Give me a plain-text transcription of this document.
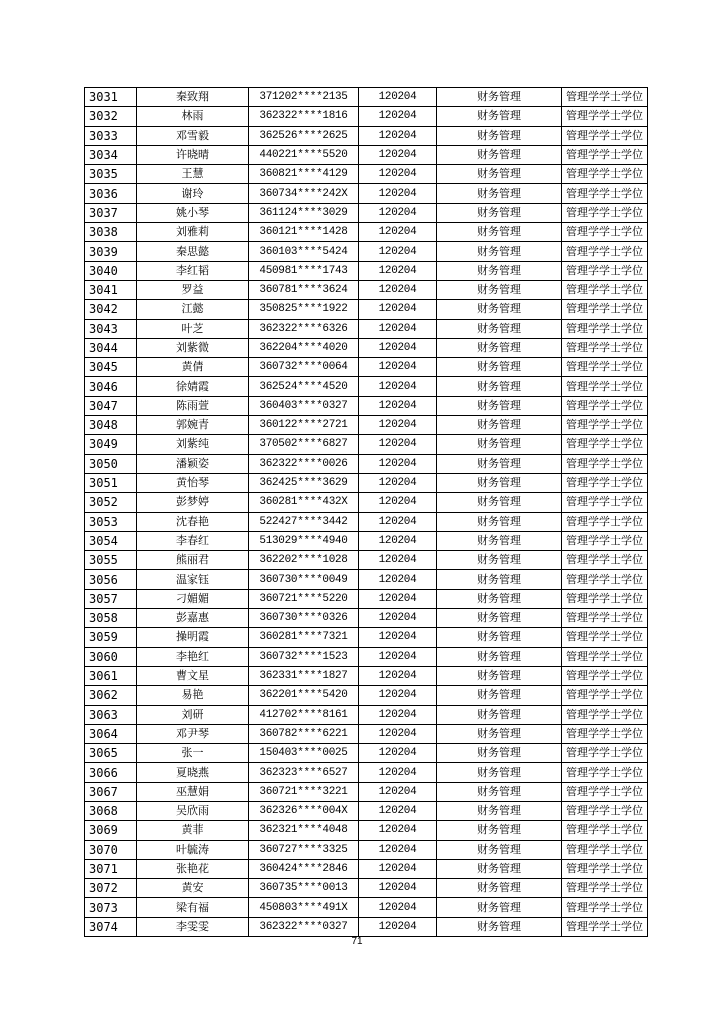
3031	秦致翔	371202****2135	120204	财务管理	管理学学士学位
3032	林雨	362322****1816	120204	财务管理	管理学学士学位
3033	邓雪毅	362526****2625	120204	财务管理	管理学学士学位
3034	许晓晴	440221****5520	120204	财务管理	管理学学士学位
3035	王慧	360821****4129	120204	财务管理	管理学学士学位
3036	谢玲	360734****242X	120204	财务管理	管理学学士学位
3037	姚小琴	361124****3029	120204	财务管理	管理学学士学位
3038	刘雅莉	360121****1428	120204	财务管理	管理学学士学位
3039	秦思懿	360103****5424	120204	财务管理	管理学学士学位
3040	李红韬	450981****1743	120204	财务管理	管理学学士学位
3041	罗益	360781****3624	120204	财务管理	管理学学士学位
3042	江懿	350825****1922	120204	财务管理	管理学学士学位
3043	叶芝	362322****6326	120204	财务管理	管理学学士学位
3044	刘紫微	362204****4020	120204	财务管理	管理学学士学位
3045	黄倩	360732****0064	120204	财务管理	管理学学士学位
3046	徐婧霞	362524****4520	120204	财务管理	管理学学士学位
3047	陈雨萱	360403****0327	120204	财务管理	管理学学士学位
3048	郭婉青	360122****2721	120204	财务管理	管理学学士学位
3049	刘紫纯	370502****6827	120204	财务管理	管理学学士学位
3050	潘颖姿	362322****0026	120204	财务管理	管理学学士学位
3051	黄怡琴	362425****3629	120204	财务管理	管理学学士学位
3052	彭梦婷	360281****432X	120204	财务管理	管理学学士学位
3053	沈春艳	522427****3442	120204	财务管理	管理学学士学位
3054	李春红	513029****4940	120204	财务管理	管理学学士学位
3055	熊丽君	362202****1028	120204	财务管理	管理学学士学位
3056	温家钰	360730****0049	120204	财务管理	管理学学士学位
3057	刁媚媚	360721****5220	120204	财务管理	管理学学士学位
3058	彭嘉惠	360730****0326	120204	财务管理	管理学学士学位
3059	操明霞	360281****7321	120204	财务管理	管理学学士学位
3060	李艳红	360732****1523	120204	财务管理	管理学学士学位
3061	曹文星	362331****1827	120204	财务管理	管理学学士学位
3062	易艳	362201****5420	120204	财务管理	管理学学士学位
3063	刘研	412702****8161	120204	财务管理	管理学学士学位
3064	邓尹琴	360782****6221	120204	财务管理	管理学学士学位
3065	张一	150403****0025	120204	财务管理	管理学学士学位
3066	夏晓燕	362323****6527	120204	财务管理	管理学学士学位
3067	巫慧娟	360721****3221	120204	财务管理	管理学学士学位
3068	吴欣雨	362326****004X	120204	财务管理	管理学学士学位
3069	黄菲	362321****4048	120204	财务管理	管理学学士学位
3070	叶毓涛	360727****3325	120204	财务管理	管理学学士学位
3071	张艳花	360424****2846	120204	财务管理	管理学学士学位
3072	黄安	360735****0013	120204	财务管理	管理学学士学位
3073	梁有福	450803****491X	120204	财务管理	管理学学士学位
3074	李雯雯	362322****0327	120204	财务管理	管理学学士学位
71
